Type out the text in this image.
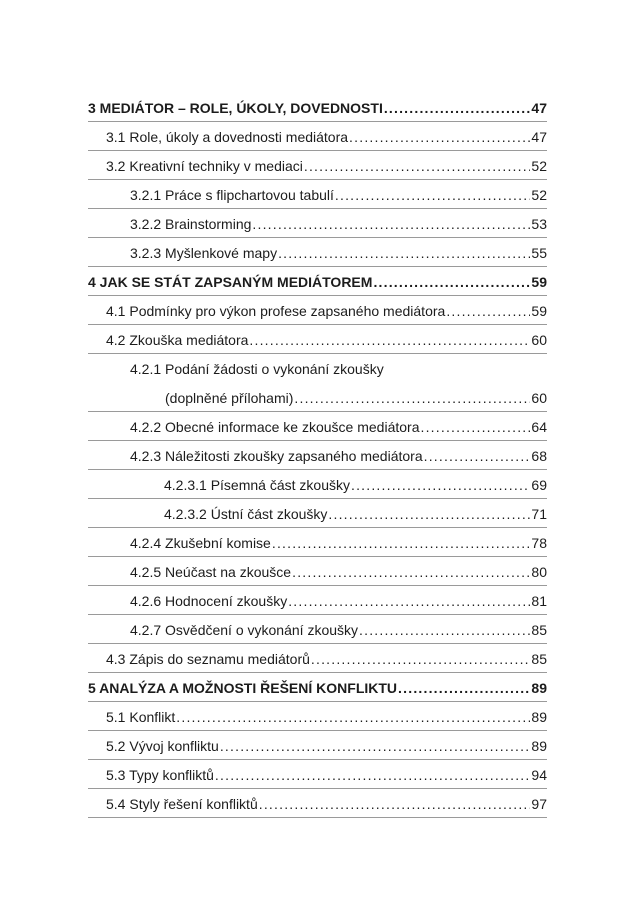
3 MEDIÁTOR – ROLE, ÚKOLY, DOVEDNOSTI .....	47
3.1 Role, úkoly a dovednosti mediátora .....	47
3.2 Kreativní techniky v mediaci .....	52
3.2.1 Práce s flipchartovou tabulí .....	52
3.2.2 Brainstorming .....	53
3.2.3 Myšlenkové mapy .....	55
4 JAK SE STÁT ZAPSANÝM MEDIÁTOREM .....	59
4.1 Podmínky pro výkon profese zapsaného mediátora .....	59
4.2 Zkouška mediátora .....	60
4.2.1 Podání žádosti o vykonání zkoušky
(doplněné přílohami) .....	60
4.2.2 Obecné informace ke zkoušce mediátora .....	64
4.2.3 Náležitosti zkoušky zapsaného mediátora .....	68
4.2.3.1 Písemná část zkoušky .....	69
4.2.3.2 Ústní část zkoušky .....	71
4.2.4 Zkušební komise .....	78
4.2.5 Neúčast na zkoušce .....	80
4.2.6 Hodnocení zkoušky .....	81
4.2.7 Osvědčení o vykonání zkoušky .....	85
4.3 Zápis do seznamu mediátorů .....	85
5 ANALÝZA A MOŽNOSTI ŘEŠENÍ KONFLIKTU .....	89
5.1 Konflikt .....	89
5.2 Vývoj konfliktu .....	89
5.3 Typy konfliktů .....	94
5.4 Styly řešení konfliktů .....	97
